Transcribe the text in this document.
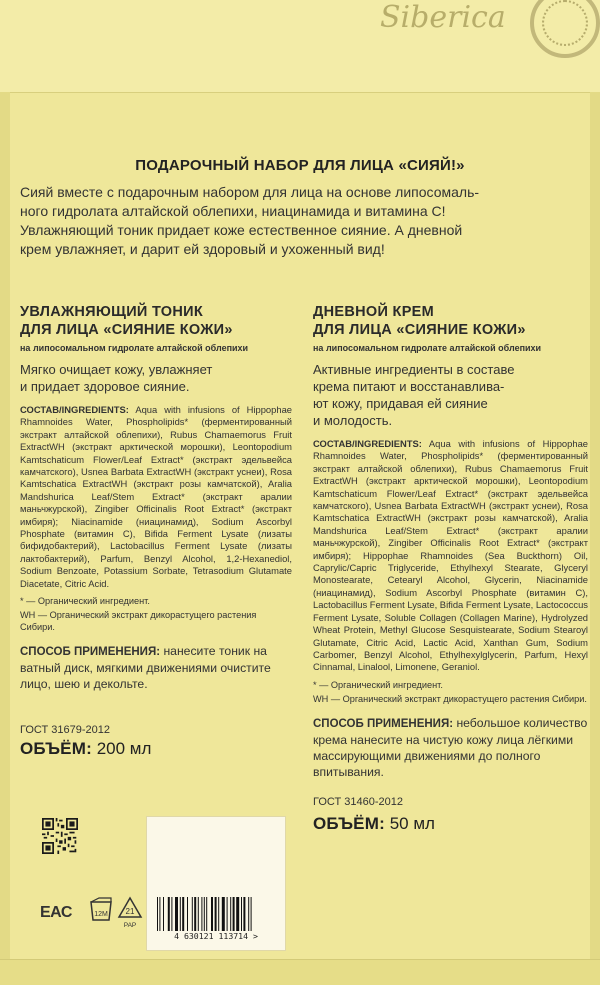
Siberica
ПОДАРОЧНЫЙ НАБОР ДЛЯ ЛИЦА «СИЯЙ!»
Сияй вместе с подарочным набором для лица на основе липосомаль-
ного гидролата алтайской облепихи, ниацинамида и витамина С!
Увлажняющий тоник придает коже естественное сияние. А дневной
крем увлажняет, и дарит ей здоровый и ухоженный вид!
УВЛАЖНЯЮЩИЙ ТОНИК
ДЛЯ ЛИЦА «СИЯНИЕ КОЖИ»
на липосомальном гидролате алтайской облепихи
Мягко очищает кожу, увлажняет
и придает здоровое сияние.
СОСТАВ/INGREDIENTS: Aqua with infusions of Hippophae Rhamnoides Water, Phospholipids* (ферментированный экстракт алтайской облепихи), Rubus Chamaemorus Fruit ExtractWH (экстракт арктической морошки), Leontopodium Kamtschaticum Flower/Leaf Extract* (экстракт эдельвейса камчатского), Usnea Barbata ExtractWH (экстракт уснеи), Rosa Kamtschatica ExtractWH (экстракт розы камчатской), Aralia Mandshurica Leaf/Stem Extract* (экстракт аралии маньчжурской), Zingiber Officinalis Root Extract* (экстракт имбиря); Niacinamide (ниацинамид), Sodium Ascorbyl Phosphate (витамин С), Bifida Ferment Lysate (лизаты бифидобактерий), Lactobacillus Ferment Lysate (лизаты лактобактерий), Parfum, Benzyl Alcohol, 1,2-Hexanediol, Sodium Benzoate, Potassium Sorbate, Tetrasodium Glutamate Diacetate, Citric Acid.
* — Органический ингредиент.
WH — Органический экстракт дикорастущего растения Сибири.
СПОСОБ ПРИМЕНЕНИЯ: нанесите тоник на ватный диск, мягкими движениями очистите лицо, шею и декольте.
ГОСТ 31679-2012
ОБЪЁМ: 200 мл
ДНЕВНОЙ КРЕМ
ДЛЯ ЛИЦА «СИЯНИЕ КОЖИ»
на липосомальном гидролате алтайской облепихи
Активные ингредиенты в составе
крема питают и восстанавлива-
ют кожу, придавая ей сияние
и молодость.
СОСТАВ/INGREDIENTS: Aqua with infusions of Hippophae Rhamnoides Water, Phospholipids* (ферментированный экстракт алтайской облепихи), Rubus Chamaemorus Fruit ExtractWH (экстракт арктической морошки), Leontopodium Kamtschaticum Flower/Leaf Extract* (экстракт эдельвейса камчатского), Usnea Barbata ExtractWH (экстракт уснеи), Rosa Kamtschatica ExtractWH (экстракт розы камчатской), Aralia Mandshurica Leaf/Stem Extract* (экстракт аралии маньчжурской), Zingiber Officinalis Root Extract* (экстракт имбиря); Hippophae Rhamnoides (Sea Buckthorn) Oil, Caprylic/Capric Triglyceride, Ethylhexyl Stearate, Glyceryl Monostearate, Cetearyl Alcohol, Glycerin, Niacinamide (ниацинамид), Sodium Ascorbyl Phosphate (витамин С), Lactobacillus Ferment Lysate, Bifida Ferment Lysate, Lactococcus Ferment Lysate, Soluble Collagen (Collagen Marine), Hydrolyzed Wheat Protein, Methyl Glucose Sesquistearate, Sodium Stearoyl Glutamate, Citric Acid, Lactic Acid, Xanthan Gum, Sodium Carbomer, Benzyl Alcohol, Ethylhexylglycerin, Parfum, Hexyl Cinnamal, Linalool, Limonene, Geraniol.
* — Органический ингредиент.
WH — Органический экстракт дикорастущего растения Сибири.
СПОСОБ ПРИМЕНЕНИЯ: небольшое количество крема нанесите на чистую кожу лица лёгкими массирующими движениями до полного впитывания.
ГОСТ 31460-2012
ОБЪЁМ: 50 мл
ЕАС	12M 21
PAP
4 630121 113714 >
